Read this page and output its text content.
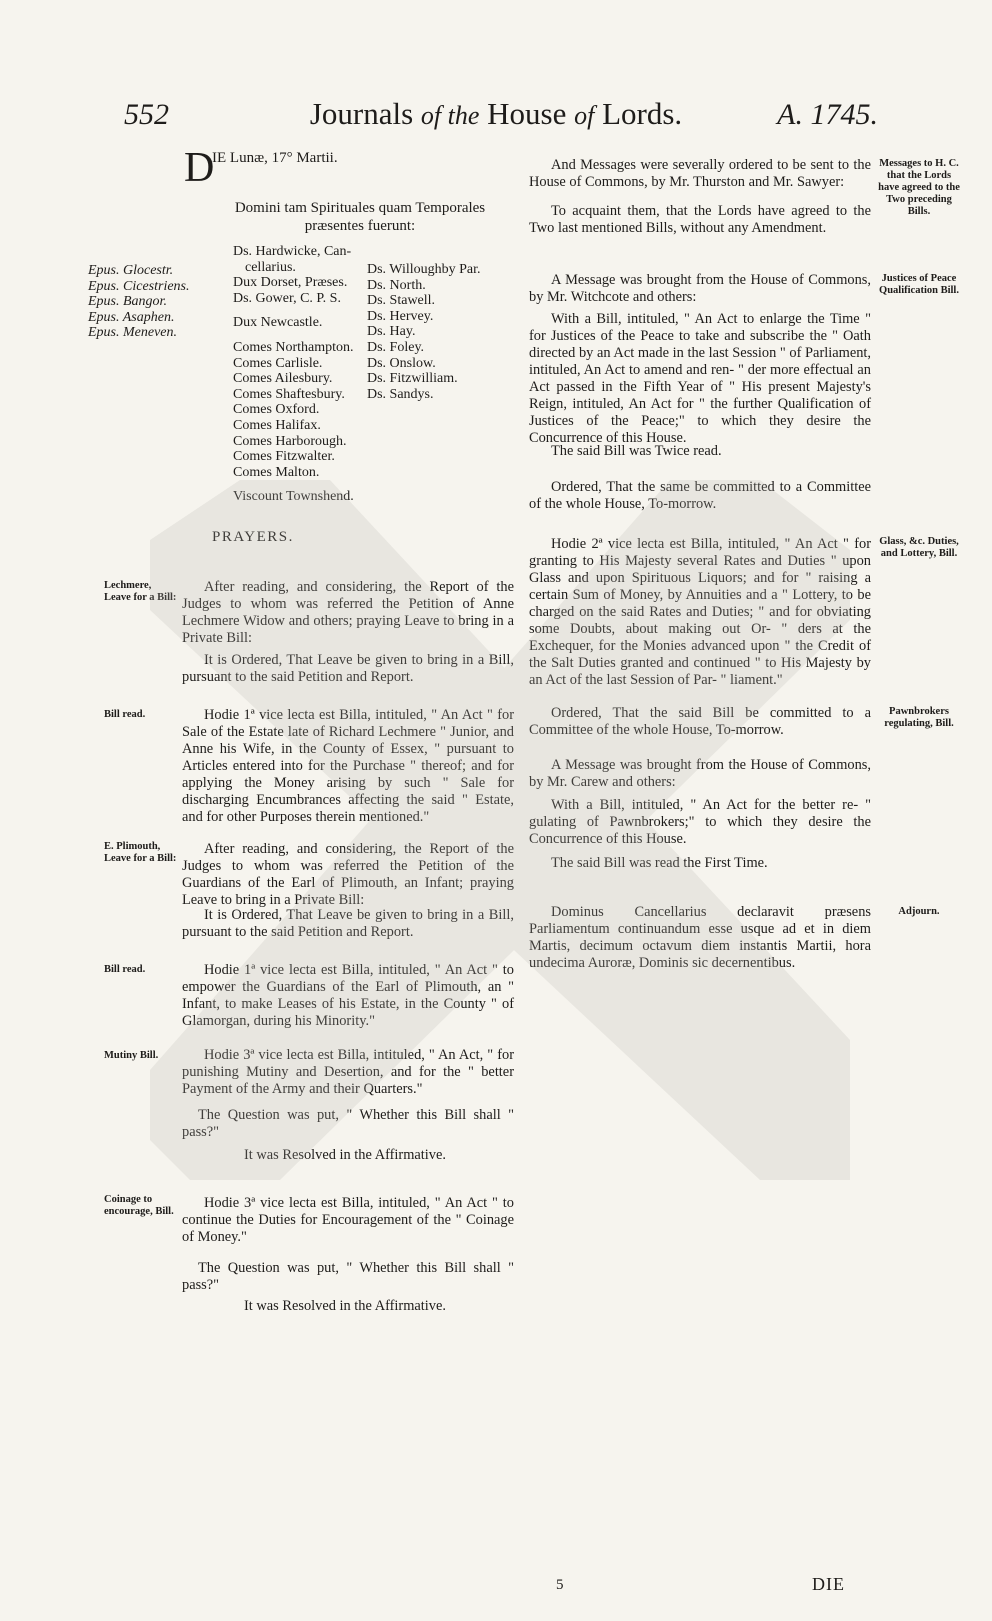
552	Journals of the House of Lords.	A. 1745.
D
IE Lunæ, 17° Martii.
Domini tam Spirituales quam Temporales præsentes fuerunt:
Epus. Glocestr.
Epus. Cicestriens.
Epus. Bangor.
Epus. Asaphen.
Epus. Meneven.
Ds. Hardwicke, Can-
cellarius.
Dux Dorset, Præses.
Ds. Gower, C. P. S.
Dux Newcastle.
Comes Northampton.
Comes Carlisle.
Comes Ailesbury.
Comes Shaftesbury.
Comes Oxford.
Comes Halifax.
Comes Harborough.
Comes Fitzwalter.
Comes Malton.
Viscount Townshend.
Ds. Willoughby Par.
Ds. North.
Ds. Stawell.
Ds. Hervey.
Ds. Hay.
Ds. Foley.
Ds. Onslow.
Ds. Fitzwilliam.
Ds. Sandys.
PRAYERS.

After reading, and considering, the Report of the Judges to whom was referred the Petition of Anne Lechmere Widow and others; praying Leave to bring in a Private Bill:

It is Ordered, That Leave be given to bring in a Bill, pursuant to the said Petition and Report.

Hodie 1ª vice lecta est Billa, intituled, " An Act " for Sale of the Estate late of Richard Lechmere " Junior, and Anne his Wife, in the County of Essex, " pursuant to Articles entered into for the Purchase " thereof; and for applying the Money arising by such " Sale for discharging Encumbrances affecting the said " Estate, and for other Purposes therein mentioned."

After reading, and considering, the Report of the Judges to whom was referred the Petition of the Guardians of the Earl of Plimouth, an Infant; praying Leave to bring in a Private Bill:

It is Ordered, That Leave be given to bring in a Bill, pursuant to the said Petition and Report.

Hodie 1ª vice lecta est Billa, intituled, " An Act " to empower the Guardians of the Earl of Plimouth, an " Infant, to make Leases of his Estate, in the County " of Glamorgan, during his Minority."

Hodie 3ª vice lecta est Billa, intituled, " An Act, " for punishing Mutiny and Desertion, and for the " better Payment of the Army and their Quarters."

The Question was put, " Whether this Bill shall " pass?"

It was Resolved in the Affirmative.

Hodie 3ª vice lecta est Billa, intituled, " An Act " to continue the Duties for Encouragement of the " Coinage of Money."

The Question was put, " Whether this Bill shall " pass?"

It was Resolved in the Affirmative.

And Messages were severally ordered to be sent to the House of Commons, by Mr. Thurston and Mr. Sawyer:

To acquaint them, that the Lords have agreed to the Two last mentioned Bills, without any Amendment.

A Message was brought from the House of Commons, by Mr. Witchcote and others:

With a Bill, intituled, " An Act to enlarge the Time " for Justices of the Peace to take and subscribe the " Oath directed by an Act made in the last Session " of Parliament, intituled, An Act to amend and ren- " der more effectual an Act passed in the Fifth Year of " His present Majesty's Reign, intituled, An Act for " the further Qualification of Justices of the Peace;" to which they desire the Concurrence of this House.

The said Bill was Twice read.

Ordered, That the same be committed to a Committee of the whole House, To-morrow.

Hodie 2ª vice lecta est Billa, intituled, " An Act " for granting to His Majesty several Rates and Duties " upon Glass and upon Spirituous Liquors; and for " raising a certain Sum of Money, by Annuities and a " Lottery, to be charged on the said Rates and Duties; " and for obviating some Doubts, about making out Or- " ders at the Exchequer, for the Monies advanced upon " the Credit of the Salt Duties granted and continued " to His Majesty by an Act of the last Session of Par- " liament."

Ordered, That the said Bill be committed to a Committee of the whole House, To-morrow.

A Message was brought from the House of Commons, by Mr. Carew and others:

With a Bill, intituled, " An Act for the better re- " gulating of Pawnbrokers;" to which they desire the Concurrence of this House.

The said Bill was read the First Time.

Dominus Cancellarius declaravit præsens Parliamentum continuandum esse usque ad et in diem Martis, decimum octavum diem instantis Martii, hora undecima Auroræ, Dominis sic decernentibus.

Lechmere, Leave for a Bill:
Bill read.
E. Plimouth, Leave for a Bill:
Bill read.
Mutiny Bill.
Coinage to encourage, Bill.
Messages to H. C. that the Lords have agreed to the Two preceding Bills.
Justices of Peace Qualification Bill.
Glass, &c. Duties, and Lottery, Bill.
Pawnbrokers regulating, Bill.
Adjourn.
5	DIE
